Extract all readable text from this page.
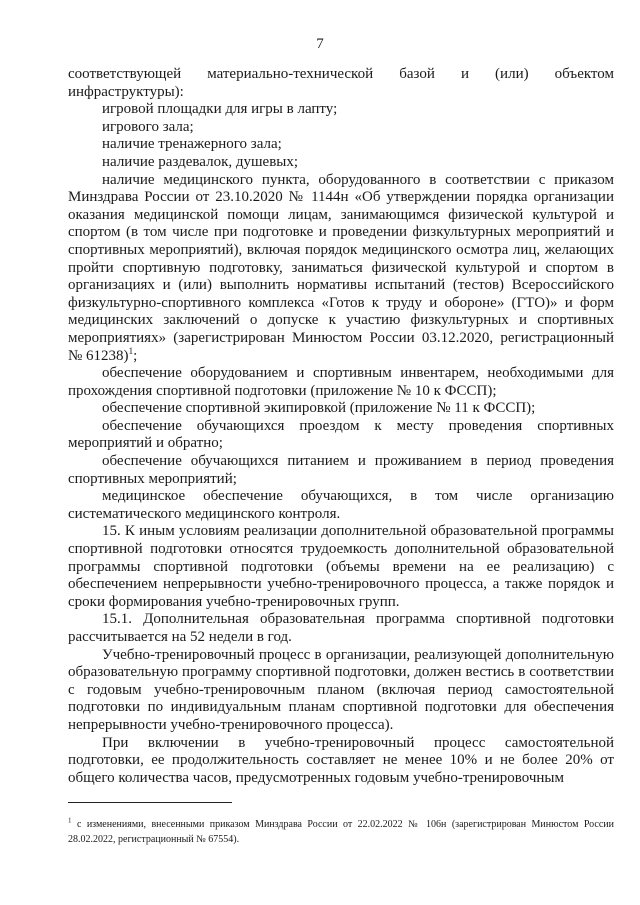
7

соответствующей материально-технической базой и (или) объектом инфраструктуры):

игровой площадки для игры в лапту;

игрового зала;

наличие тренажерного зала;

наличие раздевалок, душевых;

наличие медицинского пункта, оборудованного в соответствии с приказом Минздрава России от 23.10.2020 № 1144н «Об утверждении порядка организации оказания медицинской помощи лицам, занимающимся физической культурой и спортом (в том числе при подготовке и проведении физкультурных мероприятий и спортивных мероприятий), включая порядок медицинского осмотра лиц, желающих пройти спортивную подготовку, заниматься физической культурой и спортом в организациях и (или) выполнить нормативы испытаний (тестов) Всероссийского физкультурно-спортивного комплекса «Готов к труду и обороне» (ГТО)» и форм медицинских заключений о допуске к участию физкультурных и спортивных мероприятиях» (зарегистрирован Минюстом России 03.12.2020, регистрационный № 61238)$^1$;

обеспечение оборудованием и спортивным инвентарем, необходимыми для прохождения спортивной подготовки (приложение № 10 к ФССП);

обеспечение спортивной экипировкой (приложение № 11 к ФССП);

обеспечение обучающихся проездом к месту проведения спортивных мероприятий и обратно;

обеспечение обучающихся питанием и проживанием в период проведения спортивных мероприятий;

медицинское обеспечение обучающихся, в том числе организацию систематического медицинского контроля.

15. К иным условиям реализации дополнительной образовательной программы спортивной подготовки относятся трудоемкость дополнительной образовательной программы спортивной подготовки (объемы времени на ее реализацию) с обеспечением непрерывности учебно-тренировочного процесса, а также порядок и сроки формирования учебно-тренировочных групп.

15.1. Дополнительная образовательная программа спортивной подготовки рассчитывается на 52 недели в год.

Учебно-тренировочный процесс в организации, реализующей дополнительную образовательную программу спортивной подготовки, должен вестись в соответствии с годовым учебно-тренировочным планом (включая период самостоятельной подготовки по индивидуальным планам спортивной подготовки для обеспечения непрерывности учебно-тренировочного процесса).

При включении в учебно-тренировочный процесс самостоятельной подготовки, ее продолжительность составляет не менее 10% и не более 20% от общего количества часов, предусмотренных годовым учебно-тренировочным

$^1$ с изменениями, внесенными приказом Минздрава России от 22.02.2022 № 106н (зарегистрирован Минюстом России 28.02.2022, регистрационный № 67554).
